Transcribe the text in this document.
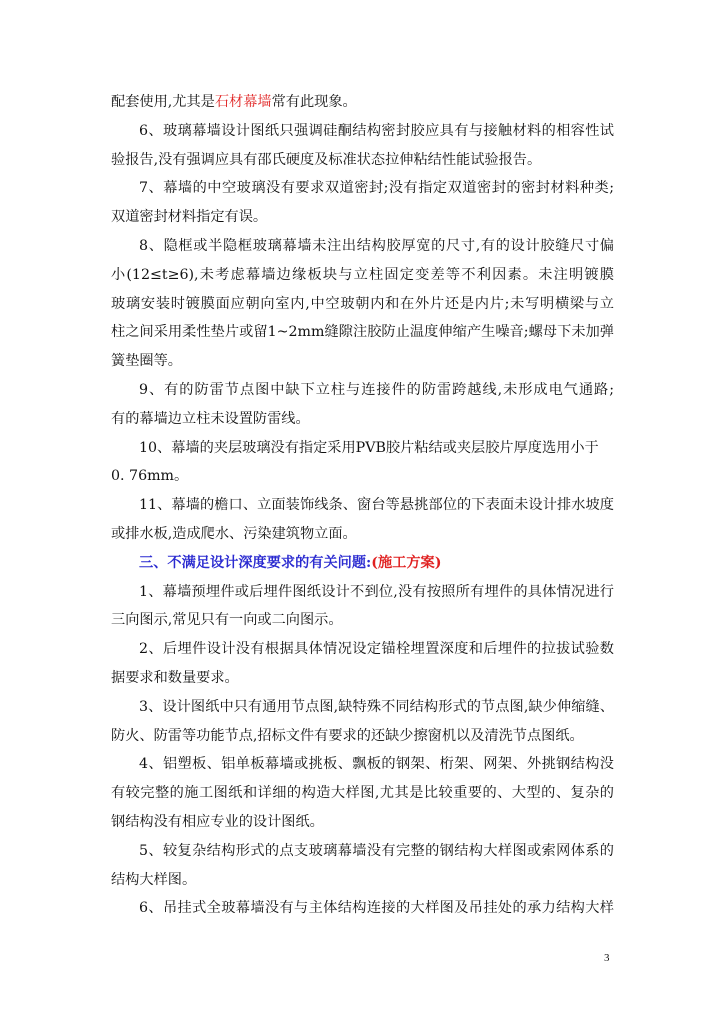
配套使用,尤其是石材幕墙常有此现象。
6、玻璃幕墙设计图纸只强调硅酮结构密封胶应具有与接触材料的相容性试
验报告,没有强调应具有邵氏硬度及标准状态拉伸粘结性能试验报告。
7、幕墙的中空玻璃没有要求双道密封;没有指定双道密封的密封材料种类;
双道密封材料指定有误。
8、隐框或半隐框玻璃幕墙未注出结构胶厚宽的尺寸,有的设计胶缝尺寸偏
小(12≤t≥6),未考虑幕墙边缘板块与立柱固定变差等不利因素。未注明镀膜
玻璃安装时镀膜面应朝向室内,中空玻朝内和在外片还是内片;未写明横梁与立
柱之间采用柔性垫片或留1~2mm缝隙注胶防止温度伸缩产生噪音;螺母下未加弹
簧垫圈等。
9、有的防雷节点图中缺下立柱与连接件的防雷跨越线,未形成电气通路;
有的幕墙边立柱未设置防雷线。
10、幕墙的夹层玻璃没有指定采用PVB胶片粘结或夹层胶片厚度选用小于
0. 76mm。
11、幕墙的檐口、立面装饰线条、窗台等悬挑部位的下表面未设计排水坡度
或排水板,造成爬水、污染建筑物立面。
三、不满足设计深度要求的有关问题:(施工方案)
1、幕墙预埋件或后埋件图纸设计不到位,没有按照所有埋件的具体情况进行
三向图示,常见只有一向或二向图示。
2、后埋件设计没有根据具体情况设定锚栓埋置深度和后埋件的拉拔试验数
据要求和数量要求。
3、设计图纸中只有通用节点图,缺特殊不同结构形式的节点图,缺少伸缩缝、
防火、防雷等功能节点,招标文件有要求的还缺少擦窗机以及清洗节点图纸。
4、铝塑板、铝单板幕墙或挑板、飘板的钢架、桁架、网架、外挑钢结构没
有较完整的施工图纸和详细的构造大样图,尤其是比较重要的、大型的、复杂的
钢结构没有相应专业的设计图纸。
5、较复杂结构形式的点支玻璃幕墙没有完整的钢结构大样图或索网体系的
结构大样图。
6、吊挂式全玻幕墙没有与主体结构连接的大样图及吊挂处的承力结构大样
3
